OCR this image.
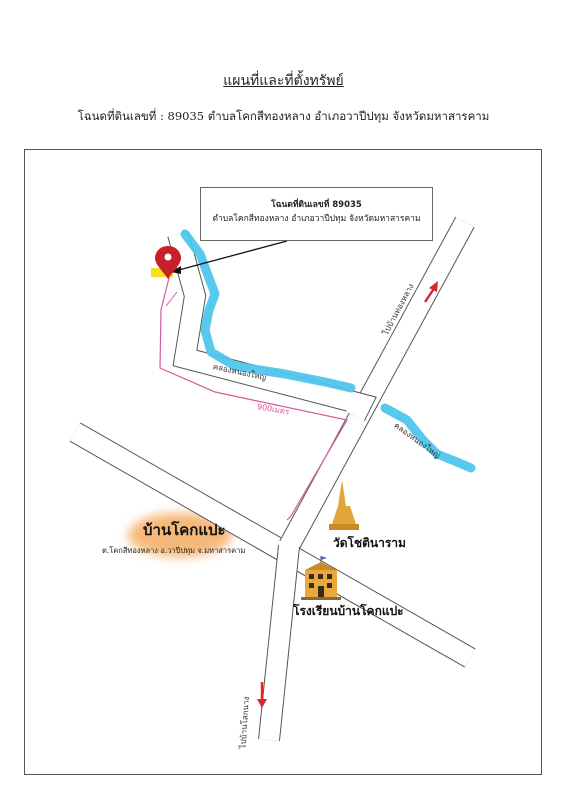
แผนที่และที่ตั้งทรัพย์

โฉนดที่ดินเลขที่ : 89035 ตำบลโคกสีทองหลาง อำเภอวาปีปทุม จังหวัดมหาสารคาม

โฉนดที่ดินเลขที่ 89035
ตำบลโคกสีทองหลาง อำเภอวาปีปทุม จังหวัดมหาสารคาม
คลองหนองใหญ่
คลองหนองใหญ่
900เมตร
ไปบ้านทองหลาง
ไปบ้านโสกนาง
บ้านโคกแปะ
ต.โคกสีทองหลาง อ.วาปีปทุม จ.มหาสารคาม
วัดโชตินาราม
โรงเรียนบ้านโคกแปะ
